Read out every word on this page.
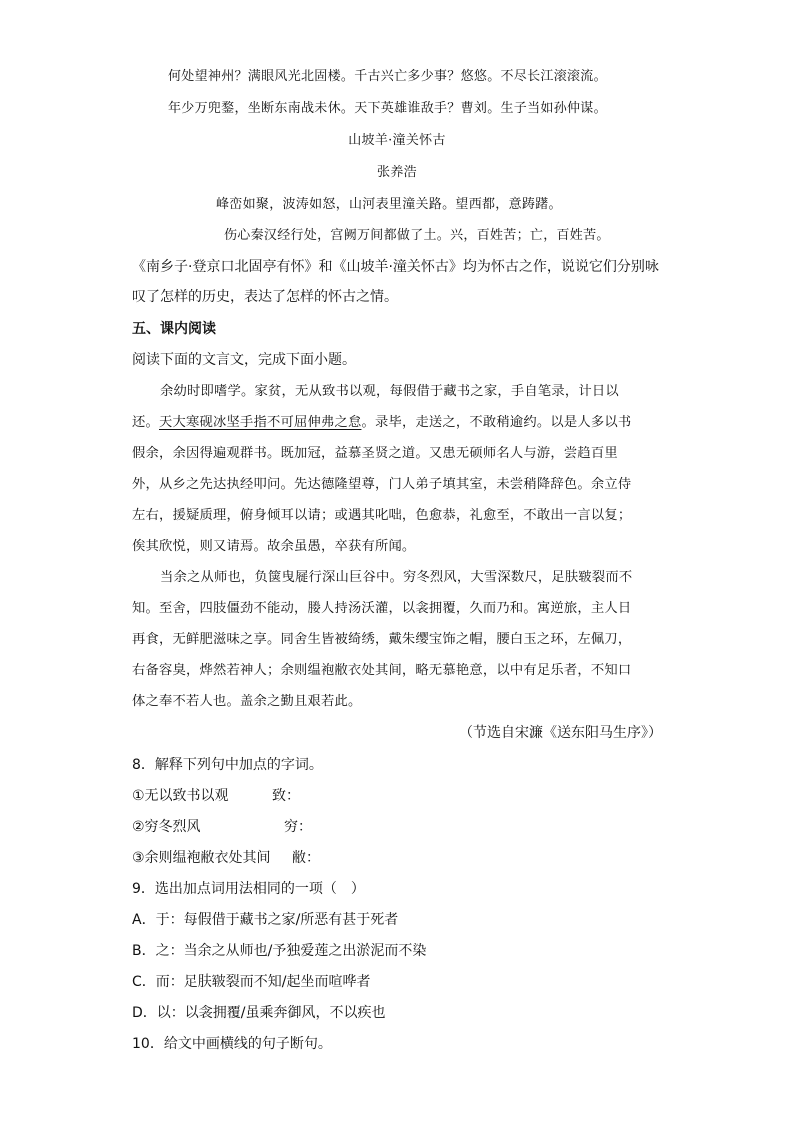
何处望神州？满眼风光北固楼。千古兴亡多少事？悠悠。不尽长江滚滚流。
年少万兜鍪，坐断东南战未休。天下英雄谁敌手？曹刘。生子当如孙仲谋。
山坡羊·潼关怀古
张养浩
峰峦如聚，波涛如怒，山河表里潼关路。望西都，意踌躇。
伤心秦汉经行处，宫阙万间都做了土。兴，百姓苦；亡，百姓苦。
《南乡子·登京口北固亭有怀》和《山坡羊·潼关怀古》均为怀古之作，说说它们分别咏
叹了怎样的历史，表达了怎样的怀古之情。
五、课内阅读
阅读下面的文言文，完成下面小题。
余幼时即嗜学。家贫，无从致书以观，每假借于藏书之家，手自笔录，计日以
还。天大寒砚冰坚手指不可屈伸弗之怠。录毕，走送之，不敢稍逾约。以是人多以书
假余，余因得遍观群书。既加冠，益慕圣贤之道。又患无硕师名人与游，尝趋百里
外，从乡之先达执经叩问。先达德隆望尊，门人弟子填其室，未尝稍降辞色。余立侍
左右，援疑质理，俯身倾耳以请；或遇其叱咄，色愈恭，礼愈至，不敢出一言以复；
俟其欣悦，则又请焉。故余虽愚，卒获有所闻。
当余之从师也，负箧曳屣行深山巨谷中。穷冬烈风，大雪深数尺，足肤皲裂而不
知。至舍，四肢僵劲不能动，媵人持汤沃灌，以衾拥覆，久而乃和。寓逆旅，主人日
再食，无鲜肥滋味之享。同舍生皆被绮绣，戴朱缨宝饰之帽，腰白玉之环，左佩刀，
右备容臭，烨然若神人；余则缊袍敝衣处其间，略无慕艳意，以中有足乐者，不知口
体之奉不若人也。盖余之勤且艰若此。
（节选自宋濂《送东阳马生序》）
8．解释下列句中加点的字词。
①无以致书以观	致：
②穷冬烈风	穷：
③余则缊袍敝衣处其间 敝：
9．选出加点词用法相同的一项（　）
A．于：每假借于藏书之家/所恶有甚于死者
B．之：当余之从师也/予独爱莲之出淤泥而不染
C．而：足肤皲裂而不知/起坐而喧哗者
D．以：以衾拥覆/虽乘奔御风，不以疾也
10．给文中画横线的句子断句。
